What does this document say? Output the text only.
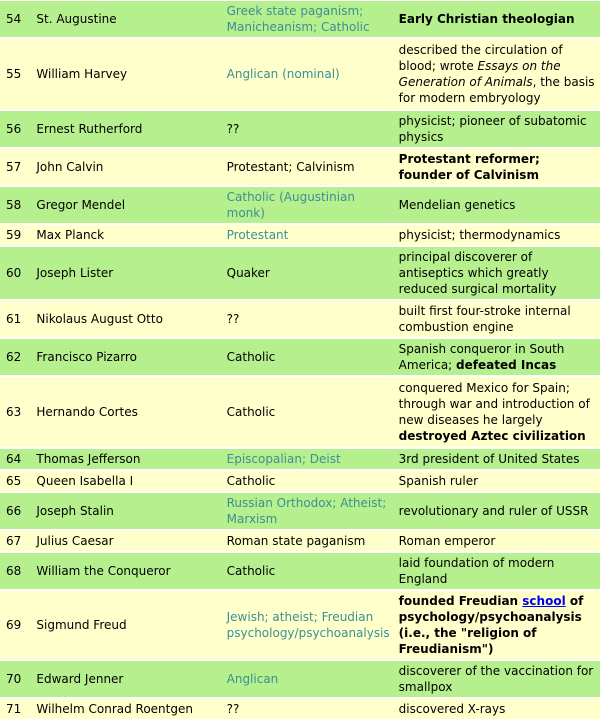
54	St. Augustine	Greek state paganism; Manicheanism; Catholic	Early Christian theologian
55	William Harvey	Anglican (nominal)	described the circulation of blood; wrote Essays on the Generation of Animals, the basis for modern embryology
56	Ernest Rutherford	??	physicist; pioneer of subatomic physics
57	John Calvin	Protestant; Calvinism	Protestant reformer; founder of Calvinism
58	Gregor Mendel	Catholic (Augustinian monk)	Mendelian genetics
59	Max Planck	Protestant	physicist; thermodynamics
60	Joseph Lister	Quaker	principal discoverer of antiseptics which greatly reduced surgical mortality
61	Nikolaus August Otto	??	built first four-stroke internal combustion engine
62	Francisco Pizarro	Catholic	Spanish conqueror in South America; defeated Incas
63	Hernando Cortes	Catholic	conquered Mexico for Spain; through war and introduction of new diseases he largely destroyed Aztec civilization
64	Thomas Jefferson	Episcopalian; Deist	3rd president of United States
65	Queen Isabella I	Catholic	Spanish ruler
66	Joseph Stalin	Russian Orthodox; Atheist; Marxism	revolutionary and ruler of USSR
67	Julius Caesar	Roman state paganism	Roman emperor
68	William the Conqueror	Catholic	laid foundation of modern England
69	Sigmund Freud	Jewish; atheist; Freudian psychology/psychoanalysis	founded Freudian school of psychology/psychoanalysis (i.e., the "religion of Freudianism")
70	Edward Jenner	Anglican	discoverer of the vaccination for smallpox
71	Wilhelm Conrad Roentgen	??	discovered X-rays
